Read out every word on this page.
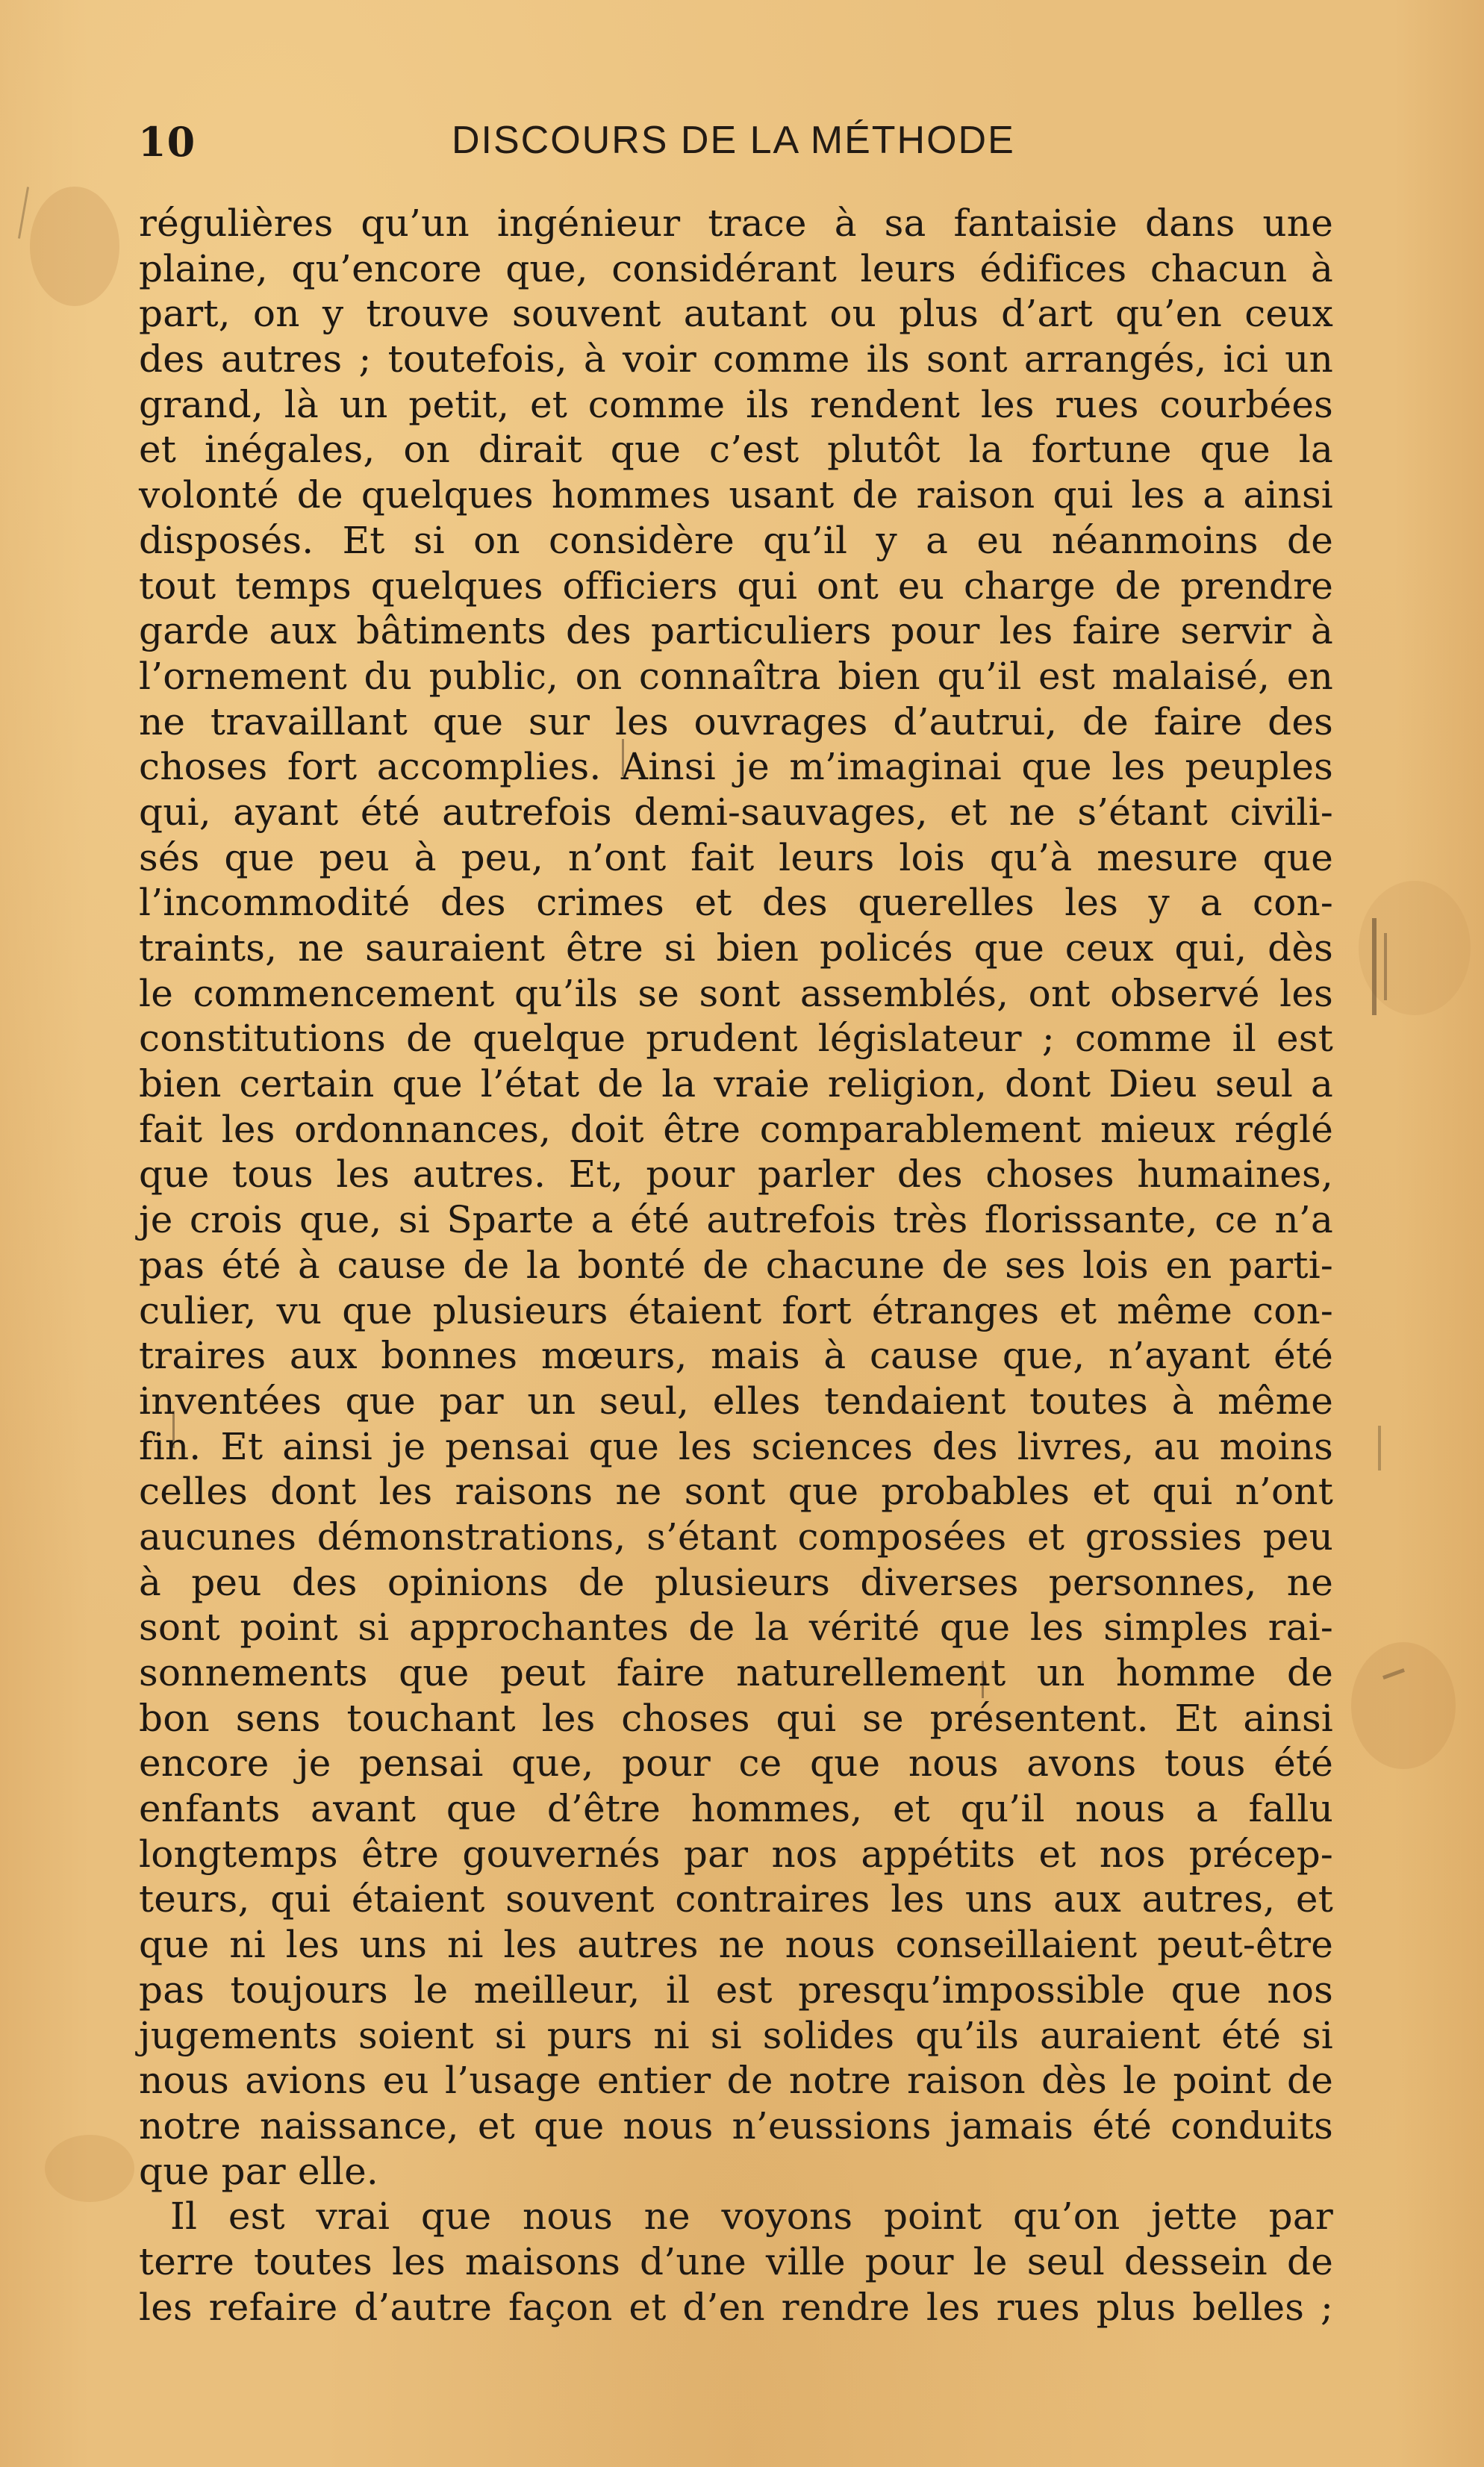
10	DISCOURS DE LA MÉTHODE
régulières qu’un ingénieur trace à sa fantaisie dans une
plaine, qu’encore que, considérant leurs édifices chacun à
part, on y trouve souvent autant ou plus d’art qu’en ceux
des autres ; toutefois, à voir comme ils sont arrangés, ici un
grand, là un petit, et comme ils rendent les rues courbées
et inégales, on dirait que c’est plutôt la fortune que la
volonté de quelques hommes usant de raison qui les a ainsi
disposés. Et si on considère qu’il y a eu néanmoins de
tout temps quelques officiers qui ont eu charge de prendre
garde aux bâtiments des particuliers pour les faire servir à
l’ornement du public, on connaîtra bien qu’il est malaisé, en
ne travaillant que sur les ouvrages d’autrui, de faire des
choses fort accomplies. Ainsi je m’imaginai que les peuples
qui, ayant été autrefois demi-sauvages, et ne s’étant civili-
sés que peu à peu, n’ont fait leurs lois qu’à mesure que
l’incommodité des crimes et des querelles les y a con-
traints, ne sauraient être si bien policés que ceux qui, dès
le commencement qu’ils se sont assemblés, ont observé les
constitutions de quelque prudent législateur ; comme il est
bien certain que l’état de la vraie religion, dont Dieu seul a
fait les ordonnances, doit être comparablement mieux réglé
que tous les autres. Et, pour parler des choses humaines,
je crois que, si Sparte a été autrefois très florissante, ce n’a
pas été à cause de la bonté de chacune de ses lois en parti-
culier, vu que plusieurs étaient fort étranges et même con-
traires aux bonnes mœurs, mais à cause que, n’ayant été
inventées que par un seul, elles tendaient toutes à même
fin. Et ainsi je pensai que les sciences des livres, au moins
celles dont les raisons ne sont que probables et qui n’ont
aucunes démonstrations, s’étant composées et grossies peu
à peu des opinions de plusieurs diverses personnes, ne
sont point si approchantes de la vérité que les simples rai-
sonnements que peut faire naturellement un homme de
bon sens touchant les choses qui se présentent. Et ainsi
encore je pensai que, pour ce que nous avons tous été
enfants avant que d’être hommes, et qu’il nous a fallu
longtemps être gouvernés par nos appétits et nos précep-
teurs, qui étaient souvent contraires les uns aux autres, et
que ni les uns ni les autres ne nous conseillaient peut-être
pas toujours le meilleur, il est presqu’impossible que nos
jugements soient si purs ni si solides qu’ils auraient été si
nous avions eu l’usage entier de notre raison dès le point de
notre naissance, et que nous n’eussions jamais été conduits
que par elle.
Il est vrai que nous ne voyons point qu’on jette par
terre toutes les maisons d’une ville pour le seul dessein de
les refaire d’autre façon et d’en rendre les rues plus belles ;
